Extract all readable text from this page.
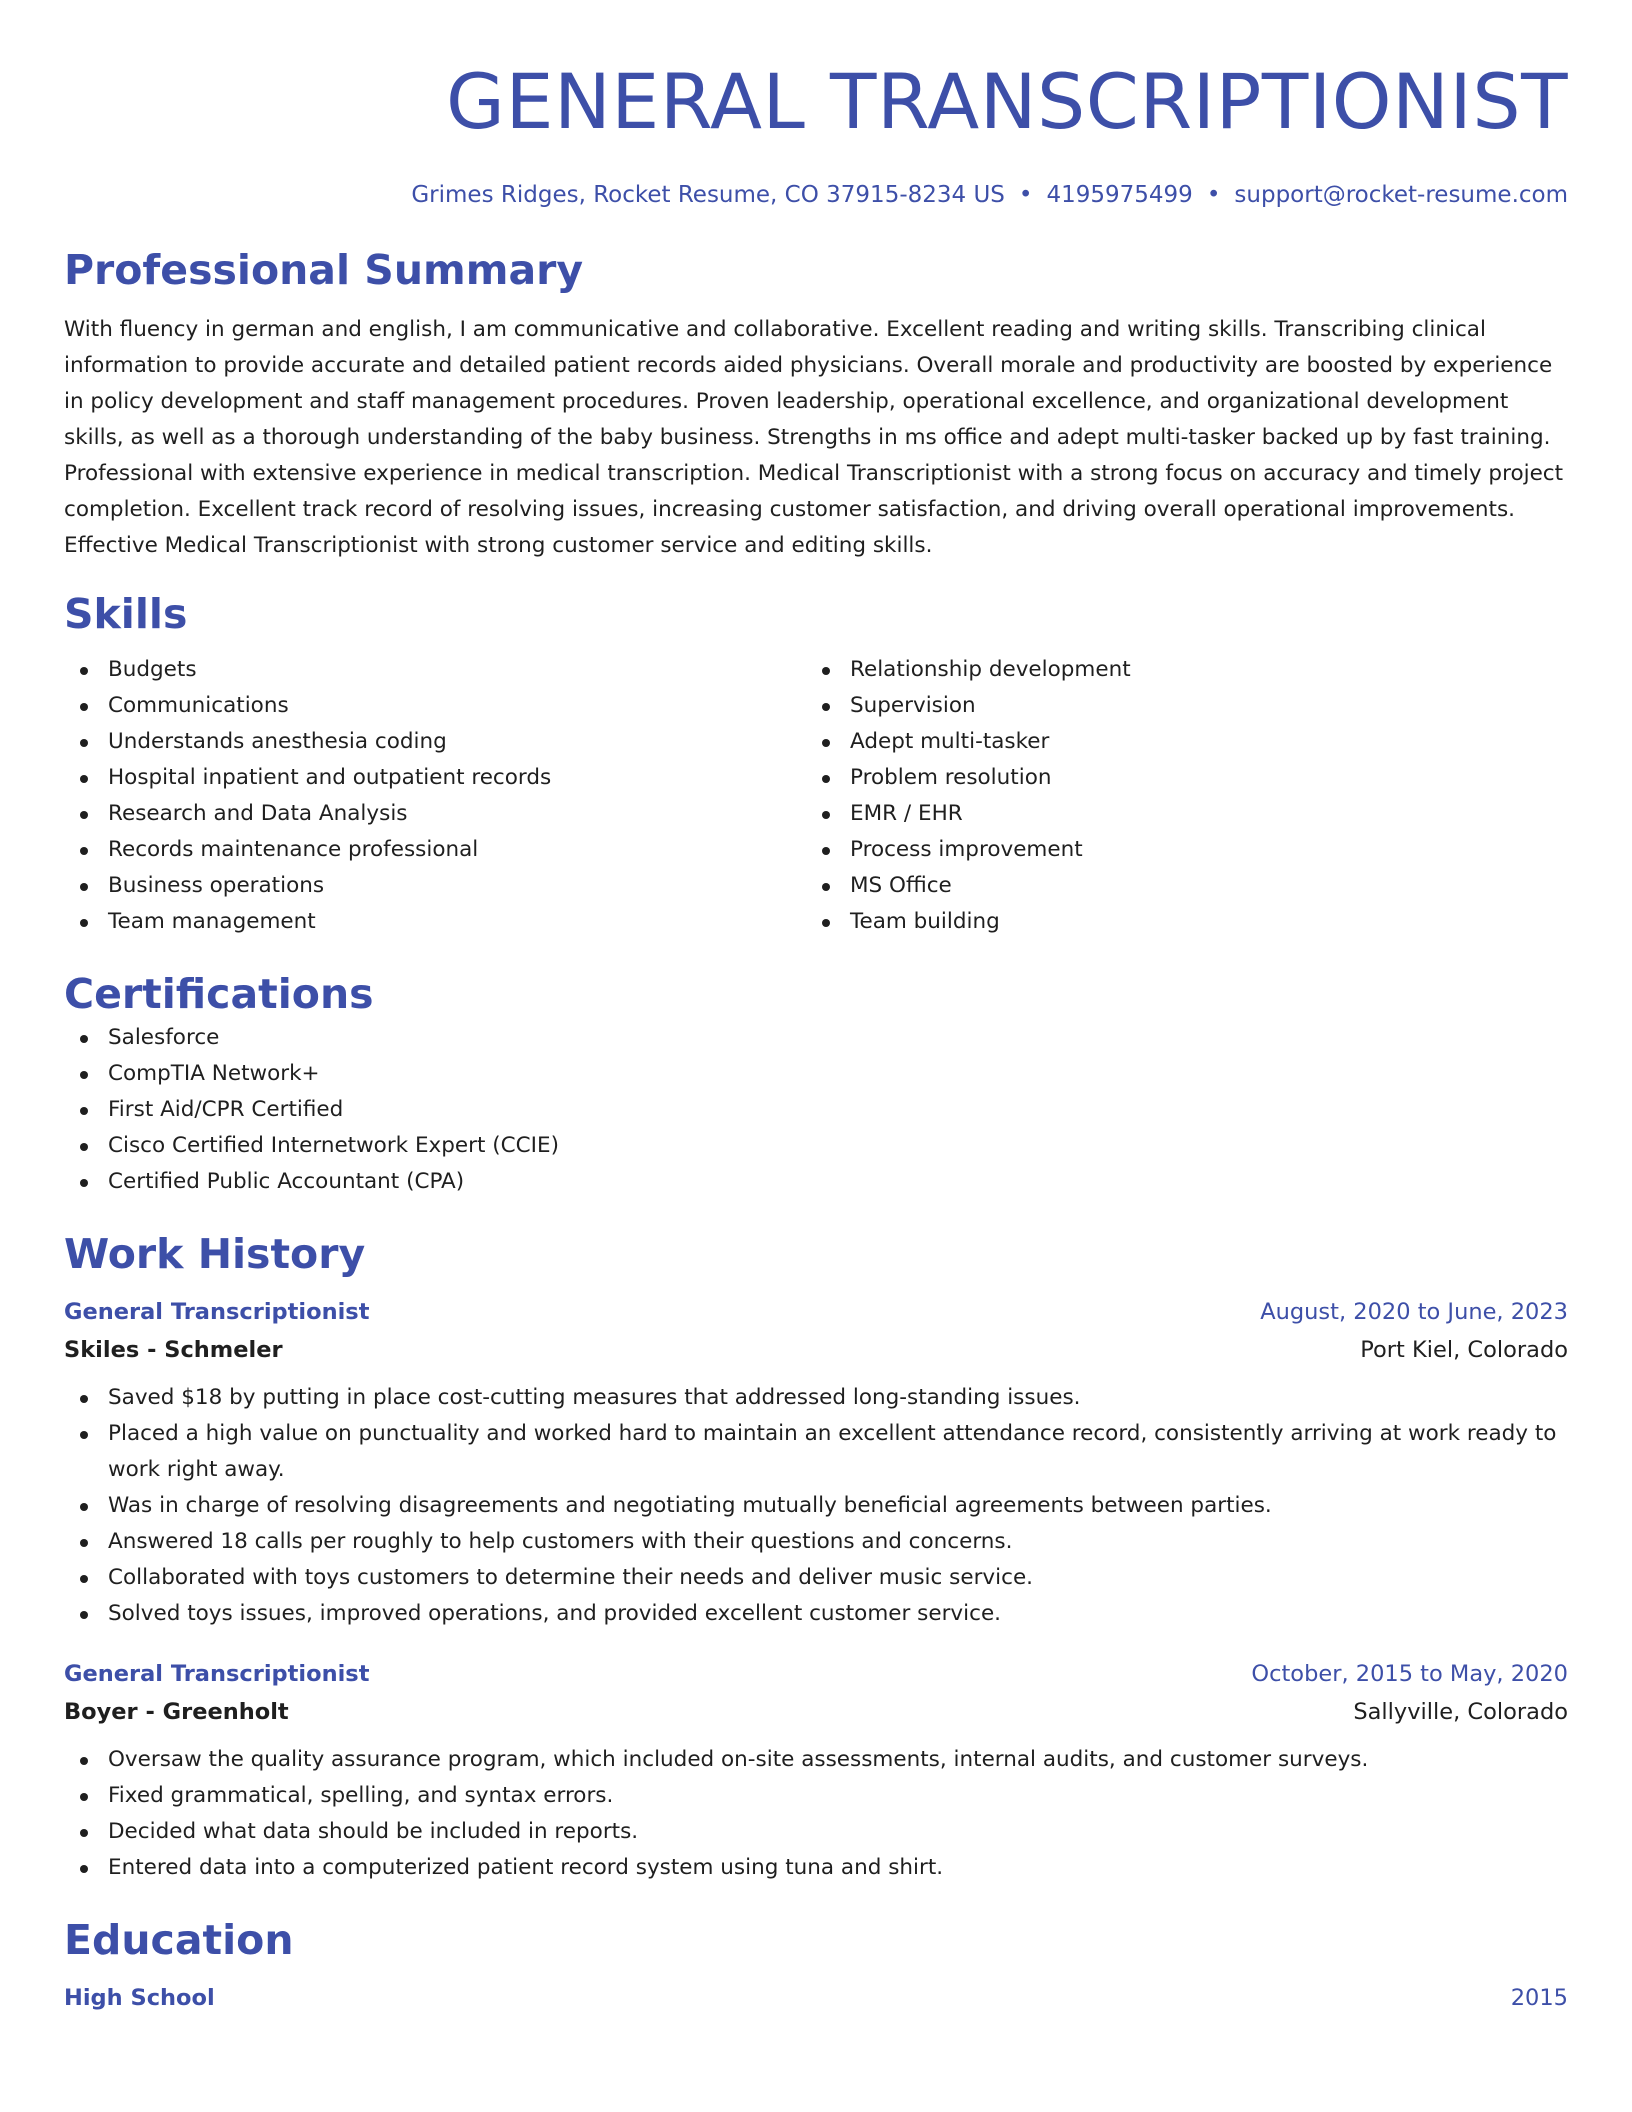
GENERAL TRANSCRIPTIONIST
Grimes Ridges, Rocket Resume, CO 37915-8234 US • 4195975499 • support@rocket-resume.com
Professional Summary
With fluency in german and english, I am communicative and collaborative. Excellent reading and writing skills. Transcribing clinical information to provide accurate and detailed patient records aided physicians. Overall morale and productivity are boosted by experience in policy development and staff management procedures. Proven leadership, operational excellence, and organizational development skills, as well as a thorough understanding of the baby business. Strengths in ms office and adept multi-tasker backed up by fast training. Professional with extensive experience in medical transcription. Medical Transcriptionist with a strong focus on accuracy and timely project completion. Excellent track record of resolving issues, increasing customer satisfaction, and driving overall operational improvements. Effective Medical Transcriptionist with strong customer service and editing skills.
Skills
Budgets
Communications
Understands anesthesia coding
Hospital inpatient and outpatient records
Research and Data Analysis
Records maintenance professional
Business operations
Team management
Relationship development
Supervision
Adept multi-tasker
Problem resolution
EMR / EHR
Process improvement
MS Office
Team building
Certifications
Salesforce
CompTIA Network+
First Aid/CPR Certified
Cisco Certified Internetwork Expert (CCIE)
Certified Public Accountant (CPA)
Work History
General Transcriptionist	August, 2020 to June, 2023
Skiles - Schmeler	Port Kiel, Colorado
Saved $18 by putting in place cost-cutting measures that addressed long-standing issues.
Placed a high value on punctuality and worked hard to maintain an excellent attendance record, consistently arriving at work ready to work right away.
Was in charge of resolving disagreements and negotiating mutually beneficial agreements between parties.
Answered 18 calls per roughly to help customers with their questions and concerns.
Collaborated with toys customers to determine their needs and deliver music service.
Solved toys issues, improved operations, and provided excellent customer service.
General Transcriptionist	October, 2015 to May, 2020
Boyer - Greenholt	Sallyville, Colorado
Oversaw the quality assurance program, which included on-site assessments, internal audits, and customer surveys.
Fixed grammatical, spelling, and syntax errors.
Decided what data should be included in reports.
Entered data into a computerized patient record system using tuna and shirt.
Education
High School	2015
